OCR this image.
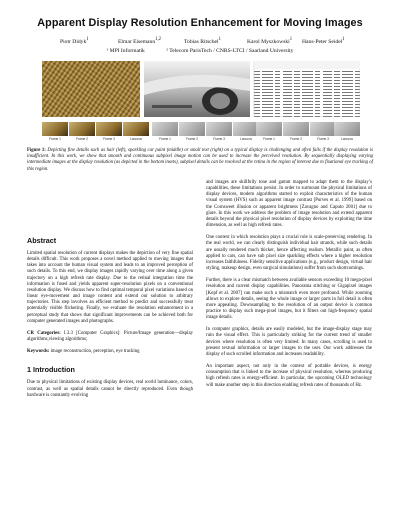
Apparent Display Resolution Enhancement for Moving Images
Piotr Didyk$^1$	Elmar Eisemann$^{1,2}$	Tobias Ritschel$^1$	Karol Myszkowski$^1$ Hans-Peter Seidel$^1$
¹ MPI Informatik	² Telecom ParisTech / CNRS-LTCI / Saarland University
Frame 1	Frame 2	Frame 3	Lanczos	Frame 1	Frame 2	Frame 3	Lanczos	Frame 1	Frame 2	Frame 3	Lanczos
Figure 1: Depicting fine details such as hair (left), sparkling car paint (middle) or small text (right) on a typical display is challenging and often fails if the display resolution is insufficient. In this work, we show that smooth and continuous subpixel image motion can be used to increase the perceived resolution. By sequentially displaying varying intermediate images at the display resolution (as depicted in the bottom insets), subpixel details can be resolved at the retina in the region of interest due to fixational eye tracking of this region.
Abstract

Limited spatial resolution of current displays makes the depiction of very fine spatial details difficult. This work proposes a novel method applied to moving images that takes into account the human visual system and leads to an improved perception of such details. To this end, we display images rapidly varying over time along a given trajectory on a high refresh rate display. Due to the retinal integration time the information is fused and yields apparent super-resolution pixels on a conventional resolution display. We discuss how to find optimal temporal pixel variations based on linear eye-movement and image content and extend our solution to arbitrary trajectories. This step involves an efficient method to predict and successfully treat potentially visible flickering. Finally, we evaluate the resolution enhancement in a perceptual study that shows that significant improvements can be achieved both for computer generated images and photographs.

CR Categories: I.3.3 [Computer Graphics]: Picture/Image generation—display algorithms,viewing algorithms;

Keywords: image reconstruction, perception, eye tracking

1 Introduction

Due to physical limitations of existing display devices, real world luminance, colors, contrast, as well as spatial details cannot be directly reproduced. Even though hardware is constantly evolving

and images are skillfully tone and gamut mapped to adapt them to the display’s capabilities, these limitations persist. In order to surmount the physical limitations of display devices, modern algorithms started to exploit characteristics of the human visual system (HVS) such as apparent image contrast [Purves et al. 1999] based on the Cornsweet illusion or apparent brightness [Zavagno and Caputo 2001] due to glare. In this work we address the problem of image resolution and extend apparent details beyond the physical pixel resolution of display devices by exploiting the time dimension, as well as high refresh rates.

One context in which resolution plays a crucial role is scale-preserving rendering. In the real world, we can clearly distinguish individual hair strands, while such details are usually rendered much thicker, hence affecting realism. Metallic paint, as often applied to cars, can have sub pixel size sparkling effects where a higher resolution increases faithfulness. Fidelity sensitive applications (e.g., product design, virtual hair styling, makeup design, even surgical simulations) suffer from such shortcomings.

Further, there is a clear mismatch between available sensors exceeding 10 mega-pixel resolution and current display capabilities. Panorama stitching or Gigapixel images [Kopf et al. 2007] can make such a mismatch even more profound. While zooming allows to explore details, seeing the whole image or larger parts in full detail is often more appealing. Downsampling to the resolution of an output device is common practice to display such mega-pixel images, but it filters out high-frequency spatial image details.

In computer graphics, details are easily modeled, but the image-display stage may ruin the visual effect. This is particularly striking for the current trend of smaller devices where resolution is often very limited. In many cases, scrolling is used to present textual information or larger images to the user. Our work addresses the display of such scrolled information and increases readability.

An important aspect, not only in the context of portable devices, is energy consumption that is linked to the increase of physical resolution, whereas producing high refresh rates is energy-efficient. In particular, the upcoming OLED technology will make another step in this direction enabling refresh rates of thousands of Hz.
